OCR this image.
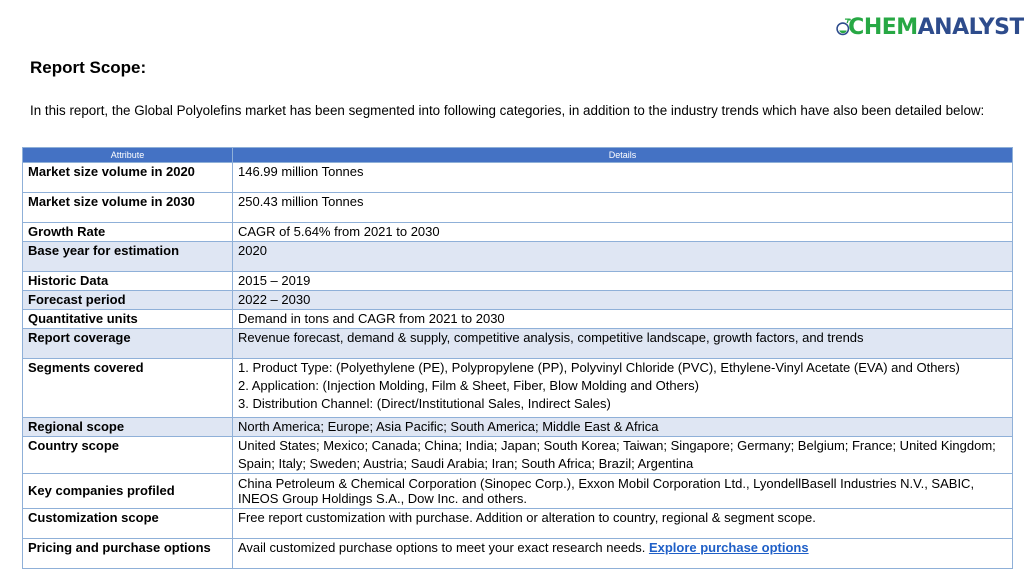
CHEMANALYST
Report Scope:

In this report, the Global Polyolefins market has been segmented into following categories, in addition to the industry trends which have also been detailed below:

Attribute	Details
Market size volume in 2020	146.99 million Tonnes
Market size volume in 2030	250.43 million Tonnes
Growth Rate	CAGR of 5.64% from 2021 to 2030
Base year for estimation	2020
Historic Data	2015 – 2019
Forecast period	2022 – 2030
Quantitative units	Demand in tons and CAGR from 2021 to 2030
Report coverage	Revenue forecast, demand & supply, competitive analysis, competitive landscape, growth factors, and trends
Segments covered	1. Product Type: (Polyethylene (PE), Polypropylene (PP), Polyvinyl Chloride (PVC), Ethylene-Vinyl Acetate (EVA) and Others)
2. Application: (Injection Molding, Film & Sheet, Fiber, Blow Molding and Others)
3. Distribution Channel: (Direct/Institutional Sales, Indirect Sales)

Regional scope	North America; Europe; Asia Pacific; South America; Middle East & Africa
Country scope	United States; Mexico; Canada; China; India; Japan; South Korea; Taiwan; Singapore; Germany; Belgium; France; United Kingdom; Spain; Italy; Sweden; Austria; Saudi Arabia; Iran; South Africa; Brazil; Argentina
Key companies profiled	China Petroleum & Chemical Corporation (Sinopec Corp.), Exxon Mobil Corporation Ltd., LyondellBasell Industries N.V., SABIC, INEOS Group Holdings S.A., Dow Inc. and others.
Customization scope	Free report customization with purchase. Addition or alteration to country, regional & segment scope.
Pricing and purchase options	Avail customized purchase options to meet your exact research needs. Explore purchase options
